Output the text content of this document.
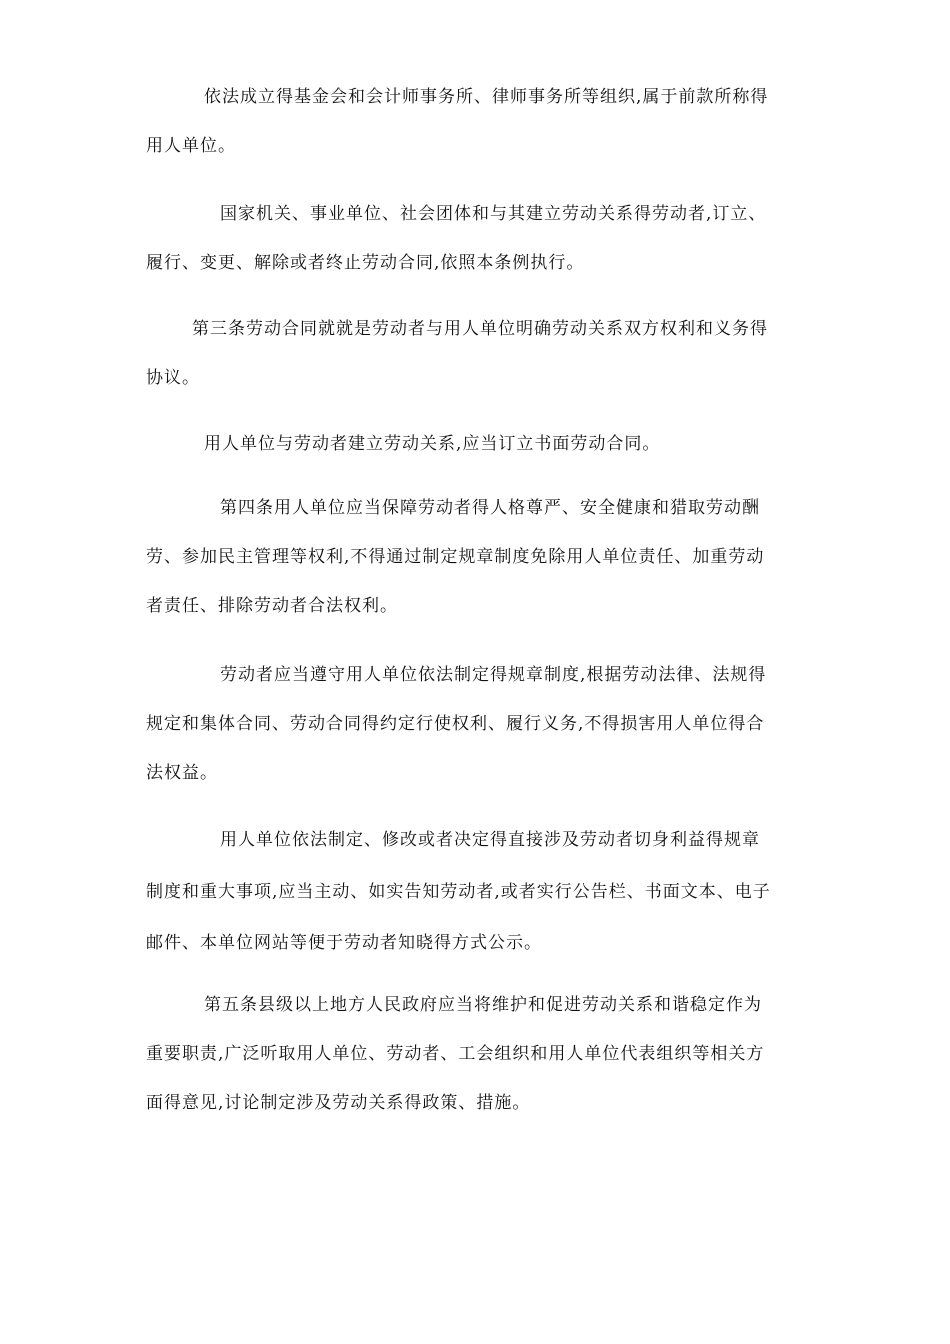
依法成立得基金会和会计师事务所、律师事务所等组织,属于前款所称得
用人单位。
国家机关、事业单位、社会团体和与其建立劳动关系得劳动者,订立、
履行、变更、解除或者终止劳动合同,依照本条例执行。
第三条劳动合同就就是劳动者与用人单位明确劳动关系双方权利和义务得
协议。
用人单位与劳动者建立劳动关系,应当订立书面劳动合同。
第四条用人单位应当保障劳动者得人格尊严、安全健康和猎取劳动酬
劳、参加民主管理等权利,不得通过制定规章制度免除用人单位责任、加重劳动
者责任、排除劳动者合法权利。
劳动者应当遵守用人单位依法制定得规章制度,根据劳动法律、法规得
规定和集体合同、劳动合同得约定行使权利、履行义务,不得损害用人单位得合
法权益。
用人单位依法制定、修改或者决定得直接涉及劳动者切身利益得规章
制度和重大事项,应当主动、如实告知劳动者,或者实行公告栏、书面文本、电子
邮件、本单位网站等便于劳动者知晓得方式公示。
第五条县级以上地方人民政府应当将维护和促进劳动关系和谐稳定作为
重要职责,广泛听取用人单位、劳动者、工会组织和用人单位代表组织等相关方
面得意见,讨论制定涉及劳动关系得政策、措施。
